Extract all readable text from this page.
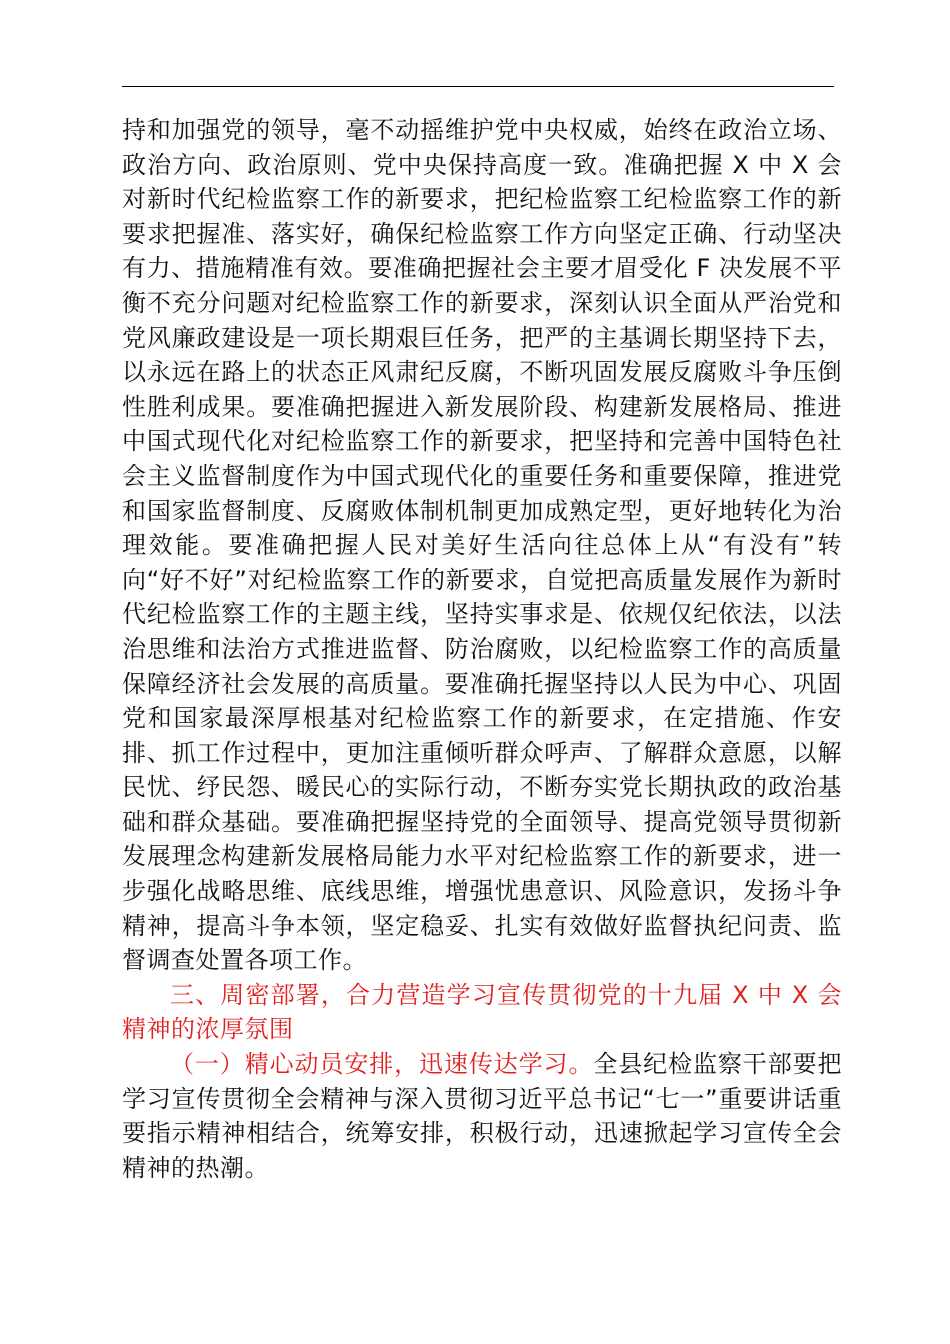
持和加强党的领导，毫不动摇维护党中央权威，始终在政治立场、政治方向、政治原则、党中央保持高度一致。准确把握 X 中 X 会对新时代纪检监察工作的新要求，把纪检监察工纪检监察工作的新要求把握准、落实好，确保纪检监察工作方向坚定正确、行动坚决有力、措施精准有效。要准确把握社会主要才眉受化 F 决发展不平衡不充分问题对纪检监察工作的新要求，深刻认识全面从严治党和党风廉政建设是一项长期艰巨任务，把严的主基调长期坚持下去，以永远在路上的状态正风肃纪反腐，不断巩固发展反腐败斗争压倒性胜利成果。要准确把握进入新发展阶段、构建新发展格局、推进中国式现代化对纪检监察工作的新要求，把坚持和完善中国特色社会主义监督制度作为中国式现代化的重要任务和重要保障，推进党和国家监督制度、反腐败体制机制更加成熟定型，更好地转化为治理效能。要准确把握人民对美好生活向往总体上从“有没有”转向“好不好”对纪检监察工作的新要求，自觉把高质量发展作为新时代纪检监察工作的主题主线，坚持实事求是、依规仅纪依法，以法治思维和法治方式推进监督、防治腐败，以纪检监察工作的高质量保障经济社会发展的高质量。要准确托握坚持以人民为中心、巩固党和国家最深厚根基对纪检监察工作的新要求，在定措施、作安排、抓工作过程中，更加注重倾听群众呼声、了解群众意愿，以解民忧、纾民怨、暖民心的实际行动，不断夯实党长期执政的政治基础和群众基础。要准确把握坚持党的全面领导、提高党领导贯彻新发展理念构建新发展格局能力水平对纪检监察工作的新要求，进一步强化战略思维、底线思维，增强忧患意识、风险意识，发扬斗争精神，提高斗争本领，坚定稳妥、扎实有效做好监督执纪问责、监督调查处置各项工作。

三、周密部署，合力营造学习宣传贯彻党的十九届 X 中 X 会精神的浓厚氛围

（一）精心动员安排，迅速传达学习。全县纪检监察干部要把学习宣传贯彻全会精神与深入贯彻习近平总书记“七一”重要讲话重要指示精神相结合，统筹安排，积极行动，迅速掀起学习宣传全会精神的热潮。
